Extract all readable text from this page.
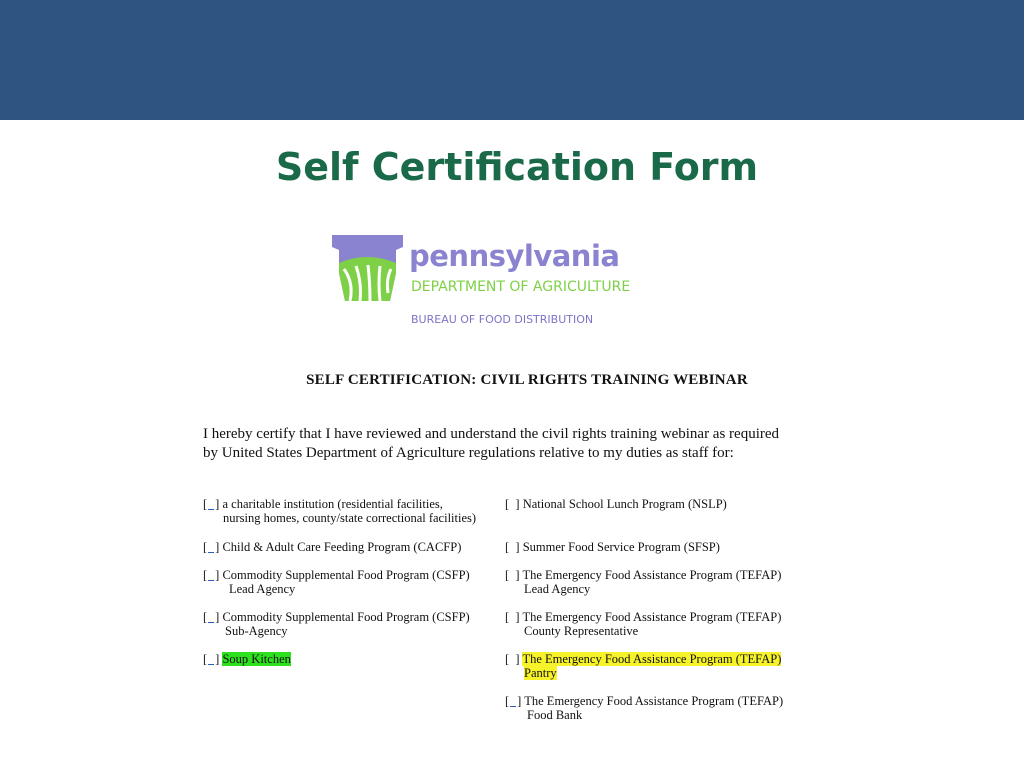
Self Certification Form
pennsylvania
DEPARTMENT OF AGRICULTURE
BUREAU OF FOOD DISTRIBUTION
SELF CERTIFICATION: CIVIL RIGHTS TRAINING WEBINAR
I hereby certify that I have reviewed and understand the civil rights training webinar as required
by United States Department of Agriculture regulations relative to my duties as staff for:
[ ] a charitable institution (residential facilities,
nursing homes, county/state correctional facilities)
[ ] Child & Adult Care Feeding Program (CACFP)
[ ] Commodity Supplemental Food Program (CSFP)
Lead Agency
[ ] Commodity Supplemental Food Program (CSFP)
Sub-Agency
[ ] Soup Kitchen
[  ] National School Lunch Program (NSLP)
[  ] Summer Food Service Program (SFSP)
[  ] The Emergency Food Assistance Program (TEFAP)
Lead Agency
[  ] The Emergency Food Assistance Program (TEFAP)
County Representative
[  ] The Emergency Food Assistance Program (TEFAP)
Pantry
[ ] The Emergency Food Assistance Program (TEFAP)
Food Bank
